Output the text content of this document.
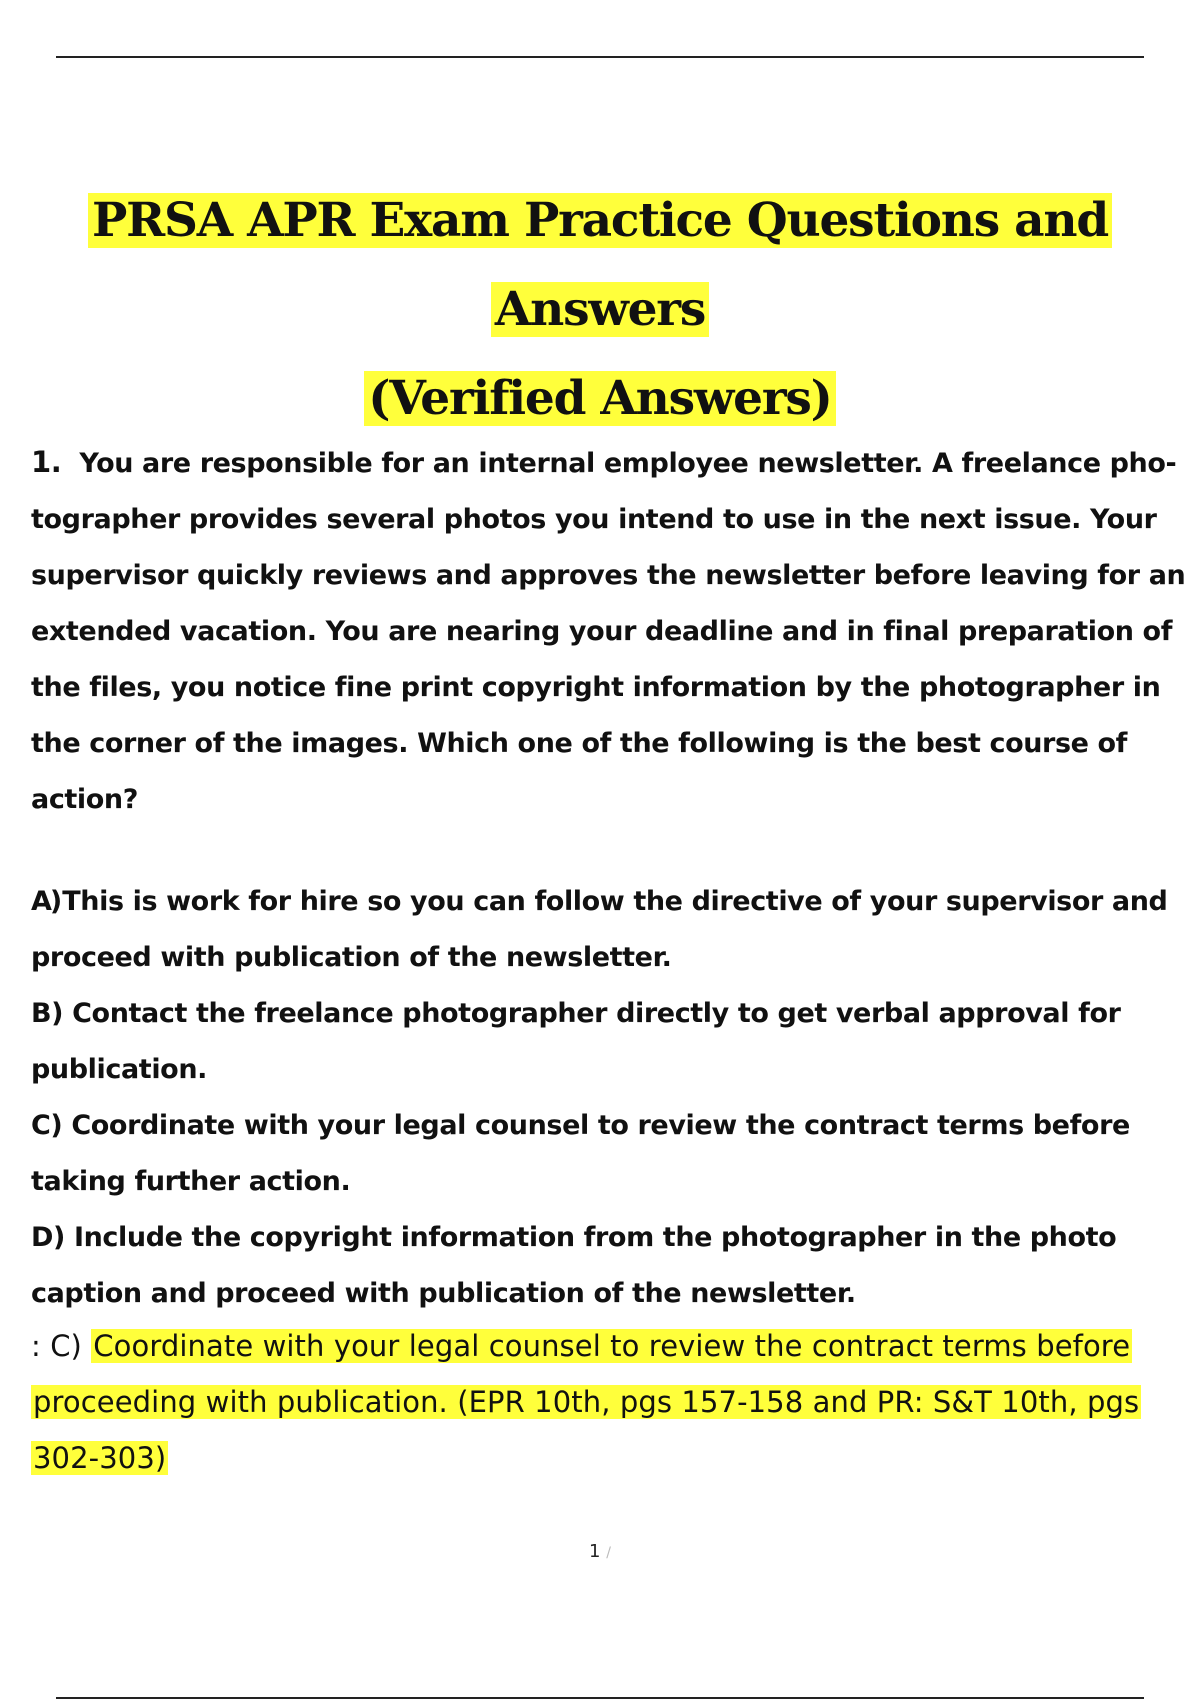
PRSA APR Exam Practice Questions and Answers
(Verified Answers)
1. You are responsible for an internal employee newsletter. A freelance pho- tographer provides several photos you intend to use in the next issue. Your supervisor quickly reviews and approves the newsletter before leaving for an extended vacation. You are nearing your deadline and in final preparation of the files, you notice fine print copyright information by the photographer in the corner of the images. Which one of the following is the best course of action?
A)This is work for hire so you can follow the directive of your supervisor and proceed with publication of the newsletter.
B) Contact the freelance photographer directly to get verbal approval for publication.
C) Coordinate with your legal counsel to review the contract terms before taking further action.
D) Include the copyright information from the photographer in the photo caption and proceed with publication of the newsletter.
: C) Coordinate with your legal counsel to review the contract terms before proceeding with publication. (EPR 10th, pgs 157-158 and PR: S&T 10th, pgs 302-303)
1 /
